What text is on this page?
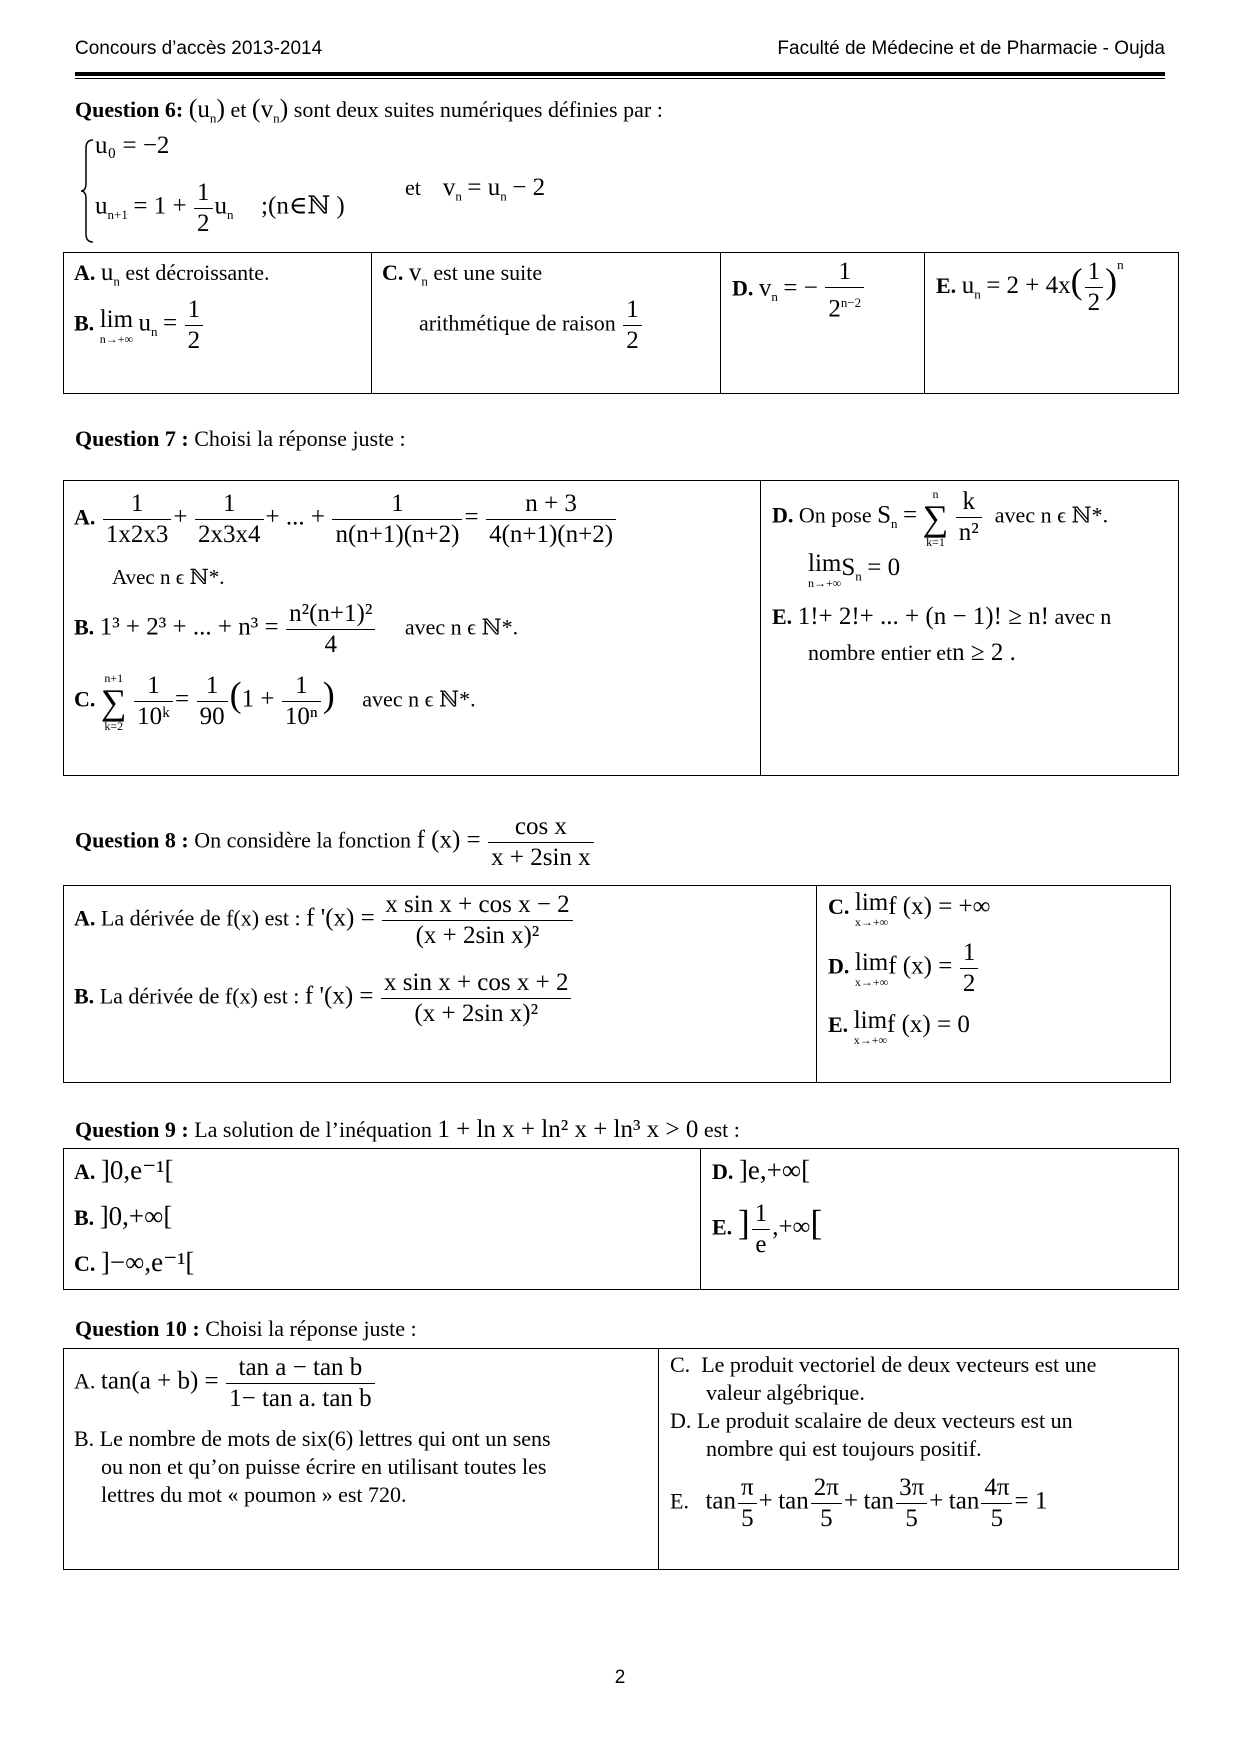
Concours d’accès 2013-2014	Faculté de Médecine et de Pharmacie - Oujda
Question 6: $(u_n)$ et $(v_n)$ sont deux suites numériques définies par :
u₀ = −2
$u_{n+1} = 1 + \frac{1}{2} u_n$ ;(n∈ℕ )
et $v_n = u_n - 2$
A. $u_n$ est décroissante.
B. lim
n→+∞
$u_n = \frac{1}{2}$
C. $v_n$ est une suite
arithmétique de raison $\frac{1}{2}$
D. $v_n$ = − $\frac{1}{2^{n-2}}$	E. $u_n = 2 + 4x( \frac{1}{2} )^n$
Question 7 : Choisi la réponse juste :
A. $\frac{1}{1x2x3} + \frac{1}{2x3x4}$ + ... + $\frac{1}{n(n+1)(n+2)} = \frac{n + 3}{4(n+1)(n+2)}$
Avec n ϵ ℕ*.
B. 1³ + 2³ + ... + $n^3 = \frac{\text{n²(n+1)²}}{4}$ avec n ϵ ℕ*.
C.
n+1
∑
k=2
$\frac{1}{\text{10ᵏ}} = \frac{1}{90} (1 + \frac{1}{\text{10ⁿ}}$ ) avec n ϵ ℕ*.
D. On pose $S_n$ =
n
∑
k=1
$\frac{k}{\text{n²}}$ avec n ϵ ℕ*.
lim
n→+∞
$S_n = 0$
E. 1!+ 2!+ ... + (n − 1)! ≥ n! avec n
nombre entier etn ≥ 2 .
Question 8 : On considère la fonction f $(x) = \frac{\text{cos x}}{\text{x + 2sin x}}$
A. La dérivée de f(x) est : f '$(x) = \frac{\text{x sin x + cos x − 2}}{\text{(x + 2sin x)²}}$
B. La dérivée de f(x) est : f '$(x) = \frac{\text{x sin x + cos x + 2}}{\text{(x + 2sin x)²}}$
C. lim
x→+∞
f (x) = +∞
D. lim
x→+∞
f $(x) = \frac{1}{2}$
E. lim
x→+∞
f (x) = 0
Question 9 : La solution de l’inéquation 1 + ln x + ln² x + ln³ x > 0 est :
A. ]0,e⁻¹[
B. ]0,+∞[
C. ]−∞,e⁻¹[
D. ]e,+∞[
E. ] $\frac{1}{e}$ ,+∞[
Question 10 : Choisi la réponse juste :
A. $\tan(a + b) = \frac{\text{tan a − tan b}}{\text{1− tan a. tan b}}$
B. Le nombre de mots de six(6) lettres qui ont un sens
ou non et qu’on puisse écrire en utilisant toutes les
lettres du mot « poumon » est 720.
C. Le produit vectoriel de deux vecteurs est une
valeur algébrique.
D. Le produit scalaire de deux vecteurs est un
nombre qui est toujours positif.
E. $\tan \frac{\pi}{5} + \tan \frac{2\pi}{5} + \tan \frac{3\pi}{5} + \tan \frac{4\pi}{5} = 1$
2
